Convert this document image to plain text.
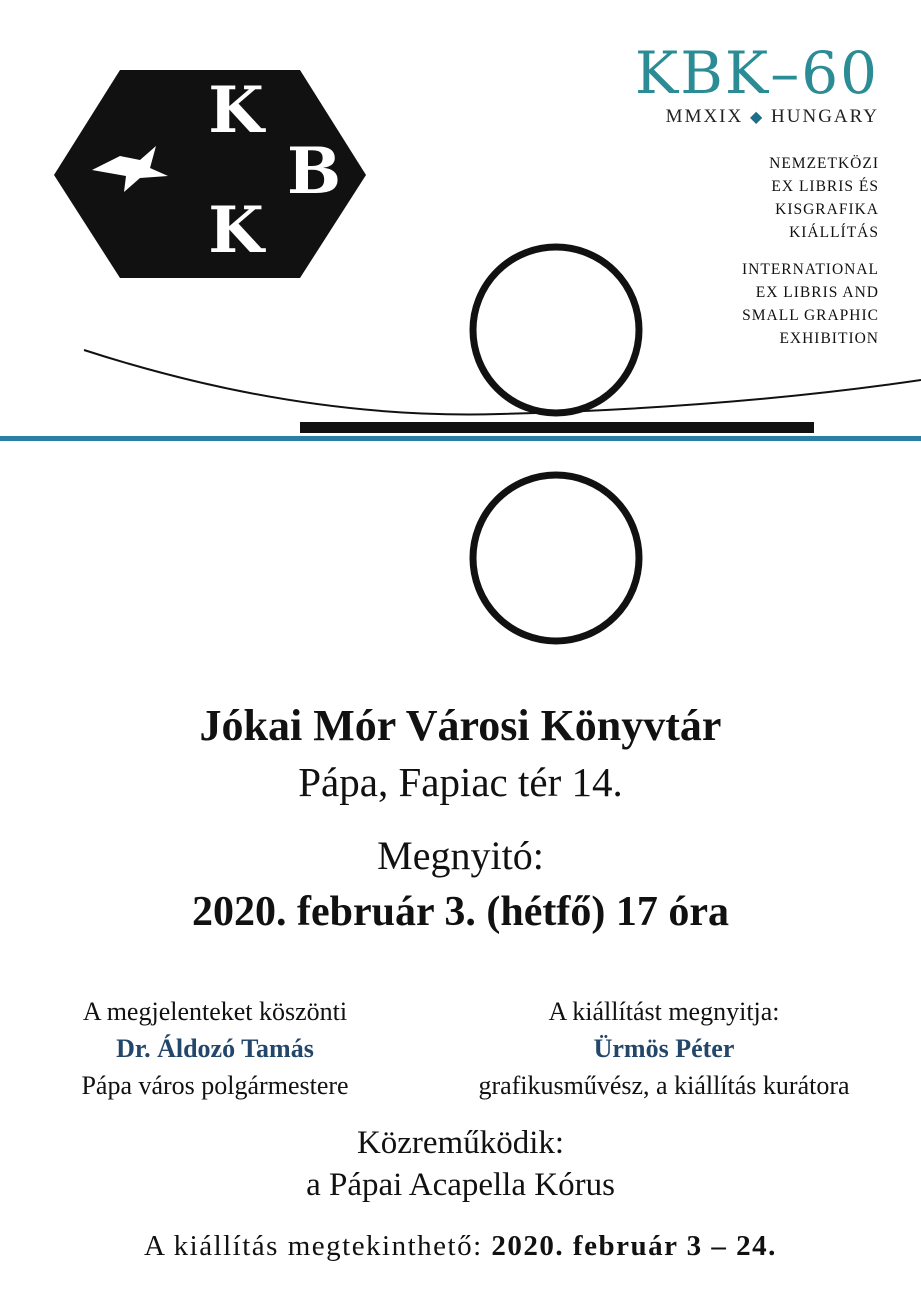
K
B
K
KBK–60
MMXIX ◆ HUNGARY
NEMZETKÖZI
EX LIBRIS ÉS
KISGRAFIKA
KIÁLLÍTÁS
INTERNATIONAL
EX LIBRIS AND
SMALL GRAPHIC
EXHIBITION
Jókai Mór Városi Könyvtár
Pápa, Fapiac tér 14.
Megnyitó:
2020. február 3. (hétfő) 17 óra
A megjelenteket köszönti
Dr. Áldozó Tamás
Pápa város polgármestere
A kiállítást megnyitja:
Ürmös Péter
grafikusművész, a kiállítás kurátora
Közreműködik:
a Pápai Acapella Kórus
A kiállítás megtekinthető: 2020. február 3 – 24.
